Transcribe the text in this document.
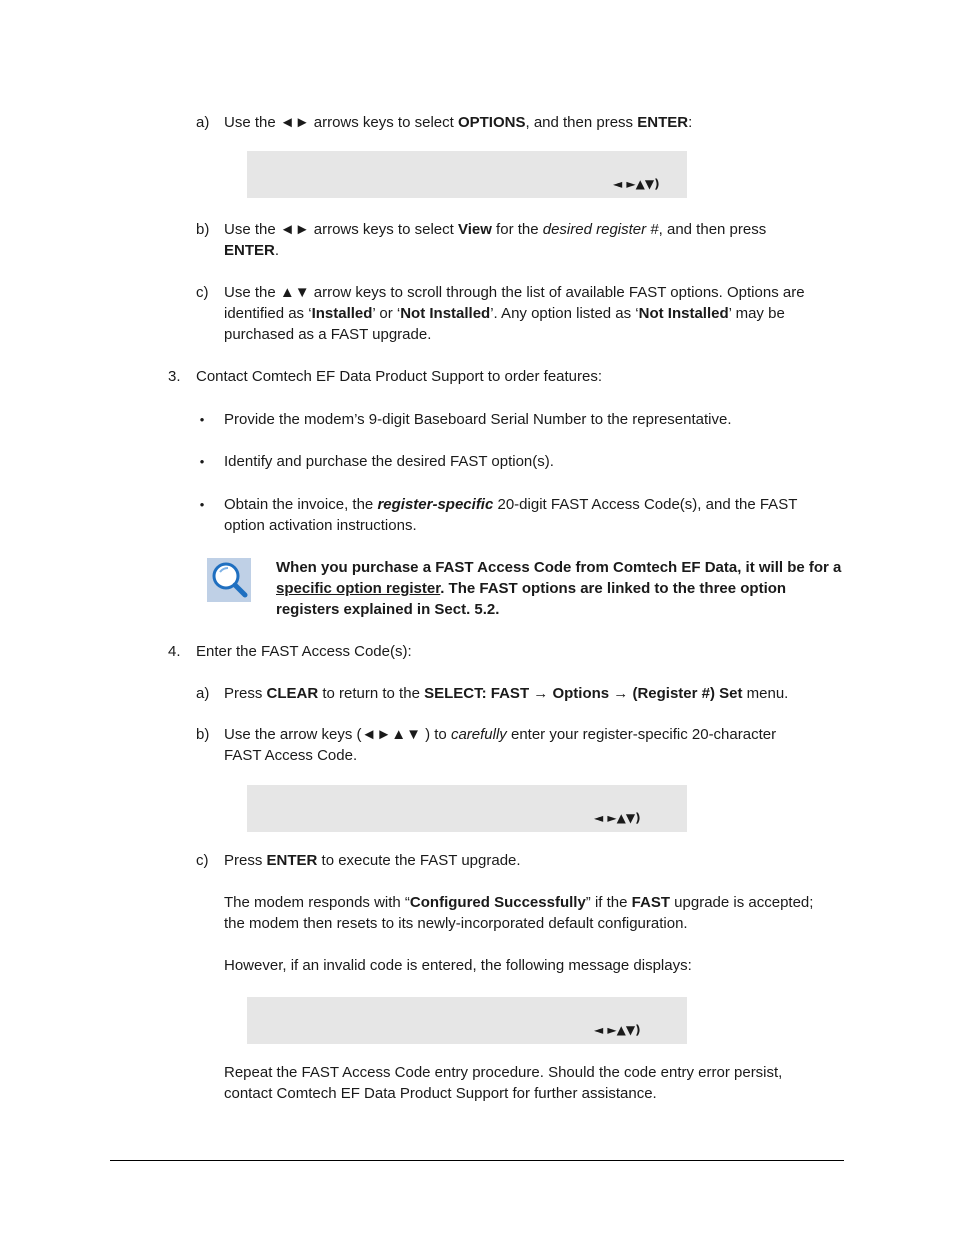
a) Use the ◄► arrows keys to select OPTIONS, and then press ENTER:
◄ ►▲▼)
b) Use the ◄► arrows keys to select View for the desired register #, and then press
ENTER.
c)	Use the ▲▼ arrow keys to scroll through the list of available FAST options. Options are
identified as ‘Installed’ or ‘Not Installed’. Any option listed as ‘Not Installed’ may be
purchased as a FAST upgrade.
3.	Contact Comtech EF Data Product Support to order features:
• Provide the modem’s 9-digit Baseboard Serial Number to the representative.
• Identify and purchase the desired FAST option(s).
• Obtain the invoice, the register-specific 20-digit FAST Access Code(s), and the FAST
option activation instructions.
When you purchase a FAST Access Code from Comtech EF Data, it will be for a
specific option register. The FAST options are linked to the three option
registers explained in Sect. 5.2.
4.	Enter the FAST Access Code(s):
a) Press CLEAR to return to the SELECT: FAST → Options → (Register #) Set menu.
b) Use the arrow keys (◄►▲▼ ) to carefully enter your register-specific 20-character
FAST Access Code.
◄ ►▲▼)
c)	Press ENTER to execute the FAST upgrade.
The modem responds with “Configured Successfully” if the FAST upgrade is accepted;
the modem then resets to its newly-incorporated default configuration.
However, if an invalid code is entered, the following message displays:
◄ ►▲▼)
Repeat the FAST Access Code entry procedure. Should the code entry error persist,
contact Comtech EF Data Product Support for further assistance.
